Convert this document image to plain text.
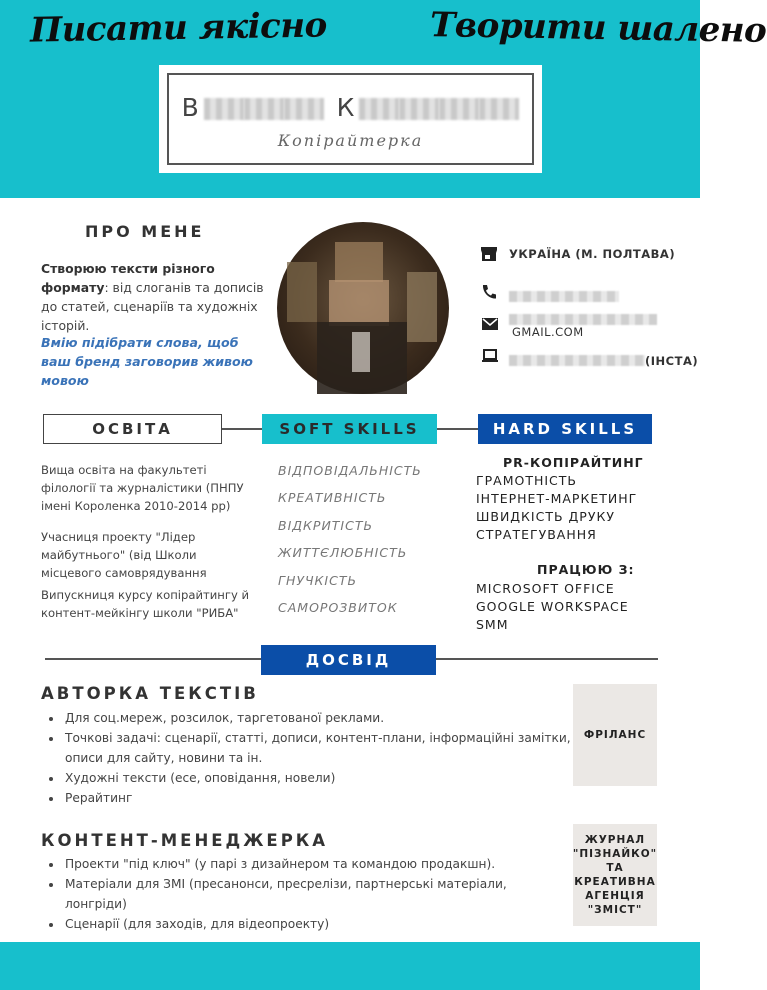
Писати якісно	Творити шалено
В	К
Копірайтерка
ПРО МЕНЕ
Створюю тексти різного формату: від слоганів та дописів до статей, сценаріїв та художніх історій.
Вмію підібрати слова, щоб ваш бренд заговорив живою мовою
УКРАЇНА (М. ПОЛТАВА)
GMAIL.COM
(ІНСТА)
ОСВІТА	SOFT SKILLS	HARD SKILLS
Вища освіта на факультеті філології та журналістики (ПНПУ імені Короленка 2010-2014 рр)
Учасниця проекту "Лідер майбутнього" (від Школи місцевого самоврядування
Випускниця курсу копірайтингу й контент-мейкінгу школи "РИБА"
ВІДПОВІДАЛЬНІСТЬ
КРЕАТИВНІСТЬ
ВІДКРИТІСТЬ
ЖИТТЄЛЮБНІСТЬ
ГНУЧКІСТЬ
САМОРОЗВИТОК
PR-КОПІРАЙТИНГ
ГРАМОТНІСТЬ
ІНТЕРНЕТ-МАРКЕТИНГ
ШВИДКІСТЬ ДРУКУ
СТРАТЕГУВАННЯ
ПРАЦЮЮ З:
MICROSOFT OFFICE
GOOGLE WORKSPACE
SMM
ДОСВІД
АВТОРКА ТЕКСТІВ
• Для соц.мереж, розсилок, таргетованої реклами.
• Точкові задачі: сценарії, статті, дописи, контент-плани, інформаційні замітки, описи для сайту, новини та ін.
• Художні тексти (есе, оповідання, новели)
• Рерайтинг
ФРІЛАНС
КОНТЕНТ-МЕНЕДЖЕРКА
• Проекти "під ключ" (у парі з дизайнером та командою продакшн).
• Матеріали для ЗМІ (пресанонси, пресрелізи, партнерські матеріали, лонгріди)
• Сценарії (для заходів, для відеопроекту)
ЖУРНАЛ "ПІЗНАЙКО" ТА КРЕАТИВНА АГЕНЦІЯ "ЗМІСТ"
